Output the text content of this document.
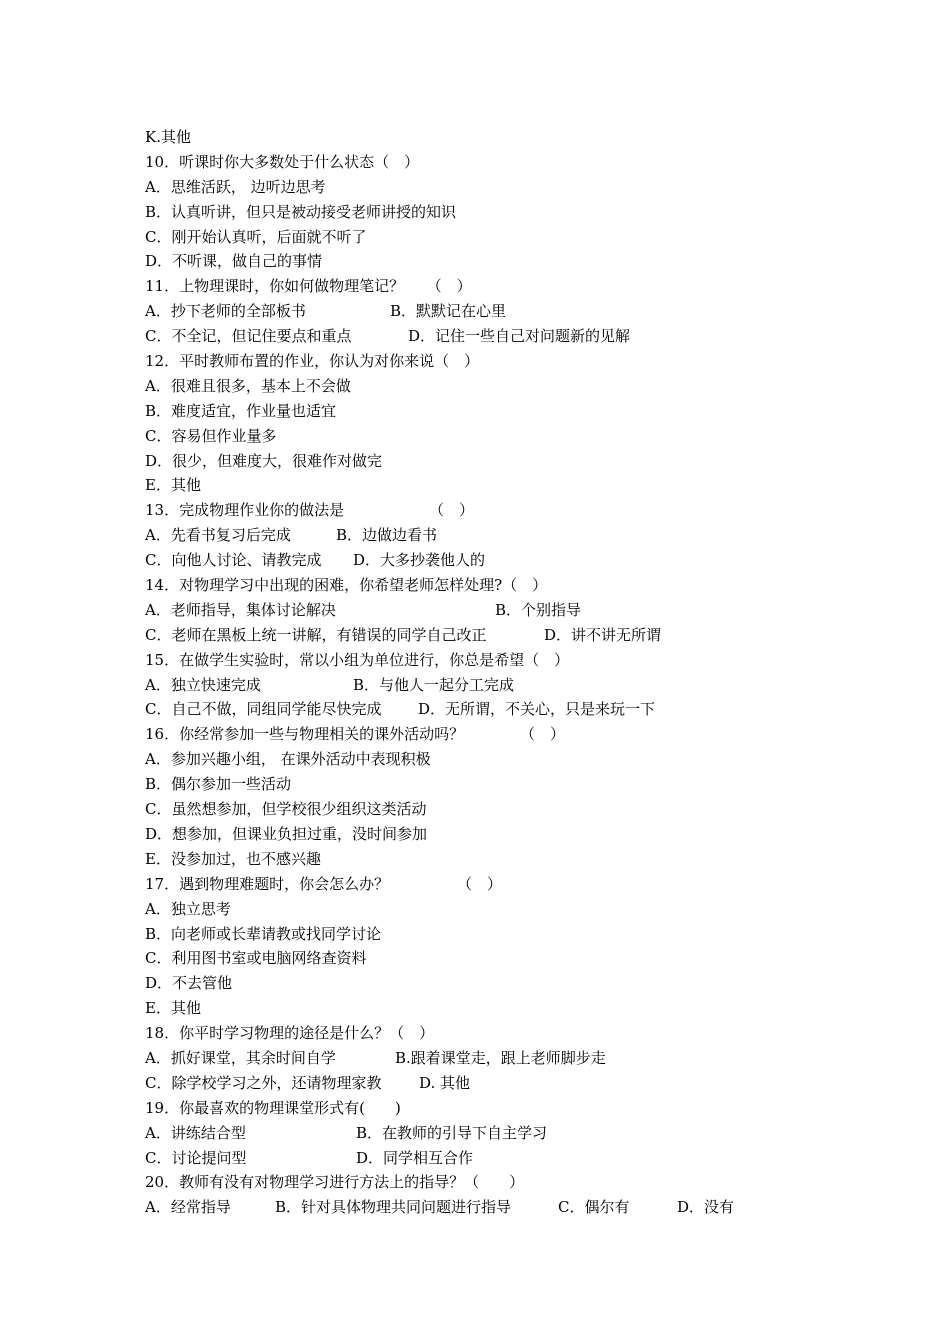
K.其他
10．听课时你大多数处于什么状态（　）
A．思维活跃， 边听边思考
B．认真听讲，但只是被动接受老师讲授的知识
C．刚开始认真听，后面就不听了
D．不听课，做自己的事情
11．上物理课时，你如何做物理笔记？　　（　）
A．抄下老师的全部板书	B．默默记在心里
C．不全记，但记住要点和重点	D．记住一些自己对问题新的见解
12．平时教师布置的作业，你认为对你来说（　）
A．很难且很多，基本上不会做
B．难度适宜，作业量也适宜
C．容易但作业量多
D．很少，但难度大，很难作对做完
E．其他
13．完成物理作业你的做法是	（　）
A．先看书复习后完成	B．边做边看书
C．向他人讨论、请教完成 D．大多抄袭他人的
14．对物理学习中出现的困难，你希望老师怎样处理?（　）
A．老师指导，集体讨论解决	B．个别指导
C．老师在黑板上统一讲解，有错误的同学自己改正	D．讲不讲无所谓
15．在做学生实验时，常以小组为单位进行，你总是希望（　）
A．独立快速完成	B．与他人一起分工完成
C．自己不做，同组同学能尽快完成 D．无所谓，不关心，只是来玩一下
16．你经常参加一些与物理相关的课外活动吗？	（　）
A．参加兴趣小组， 在课外活动中表现积极
B．偶尔参加一些活动
C．虽然想参加，但学校很少组织这类活动
D．想参加，但课业负担过重，没时间参加
E．没参加过，也不感兴趣
17．遇到物理难题时，你会怎么办？	（　）
A．独立思考
B．向老师或长辈请教或找同学讨论
C．利用图书室或电脑网络查资料
D．不去管他
E．其他
18．你平时学习物理的途径是什么？（　）
A．抓好课堂，其余时间自学	B.跟着课堂走，跟上老师脚步走
C．除学校学习之外，还请物理家教	D. 其他
19．你最喜欢的物理课堂形式有(　　)
A．讲练结合型	B．在教师的引导下自主学习
C．讨论提问型	D．同学相互合作
20．教师有没有对物理学习进行方法上的指导？（　　）
A．经常指导	B．针对具体物理共同问题进行指导	C．偶尔有	D．没有
